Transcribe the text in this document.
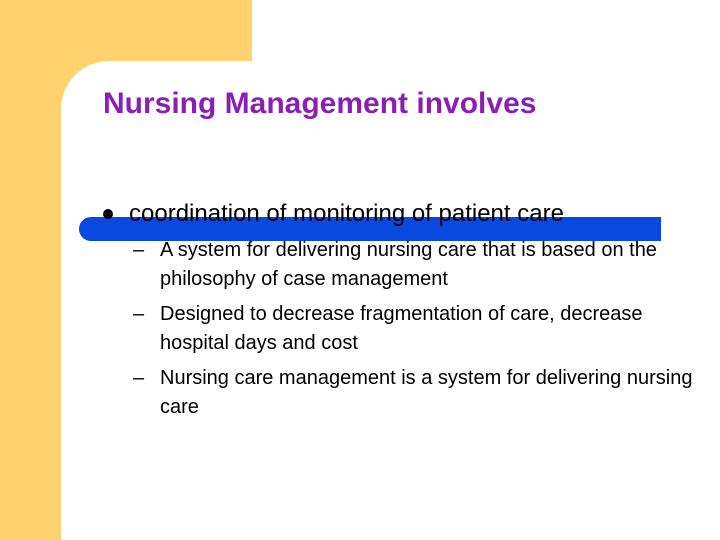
Nursing Management involves
coordination of monitoring of patient care
– A system for delivering nursing care that is based on the philosophy of case management
– Designed to decrease fragmentation of care, decrease hospital days and cost
– Nursing care management is a system for delivering nursing care
